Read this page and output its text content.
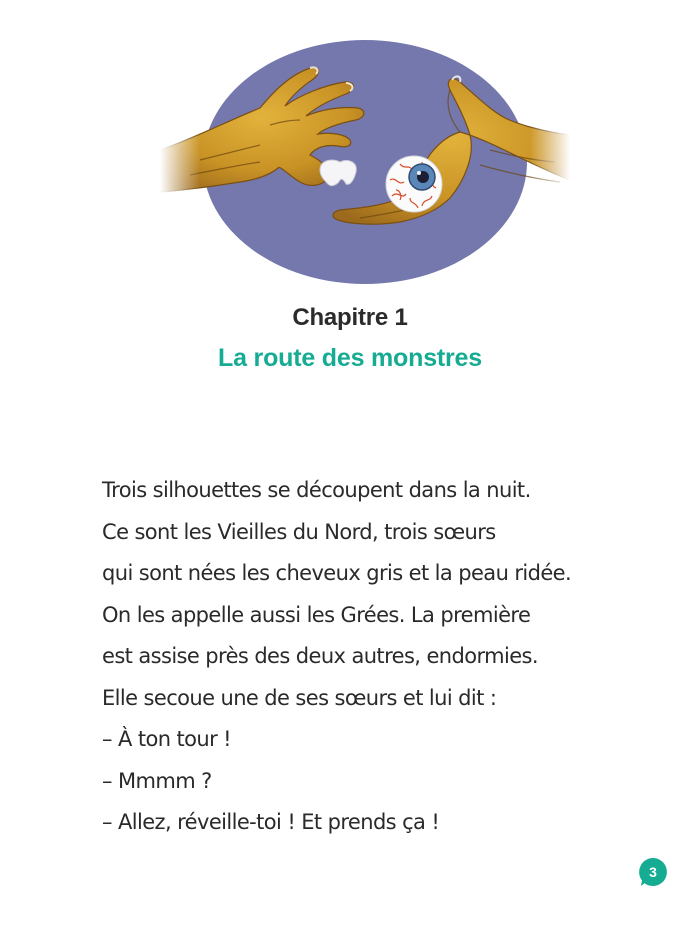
Chapitre 1
La route des monstres
Trois silhouettes se découpent dans la nuit.
Ce sont les Vieilles du Nord, trois sœurs
qui sont nées les cheveux gris et la peau ridée.
On les appelle aussi les Grées. La première
est assise près des deux autres, endormies.
Elle secoue une de ses sœurs et lui dit :
– À ton tour !
– Mmmm ?
– Allez, réveille-toi ! Et prends ça !
3
